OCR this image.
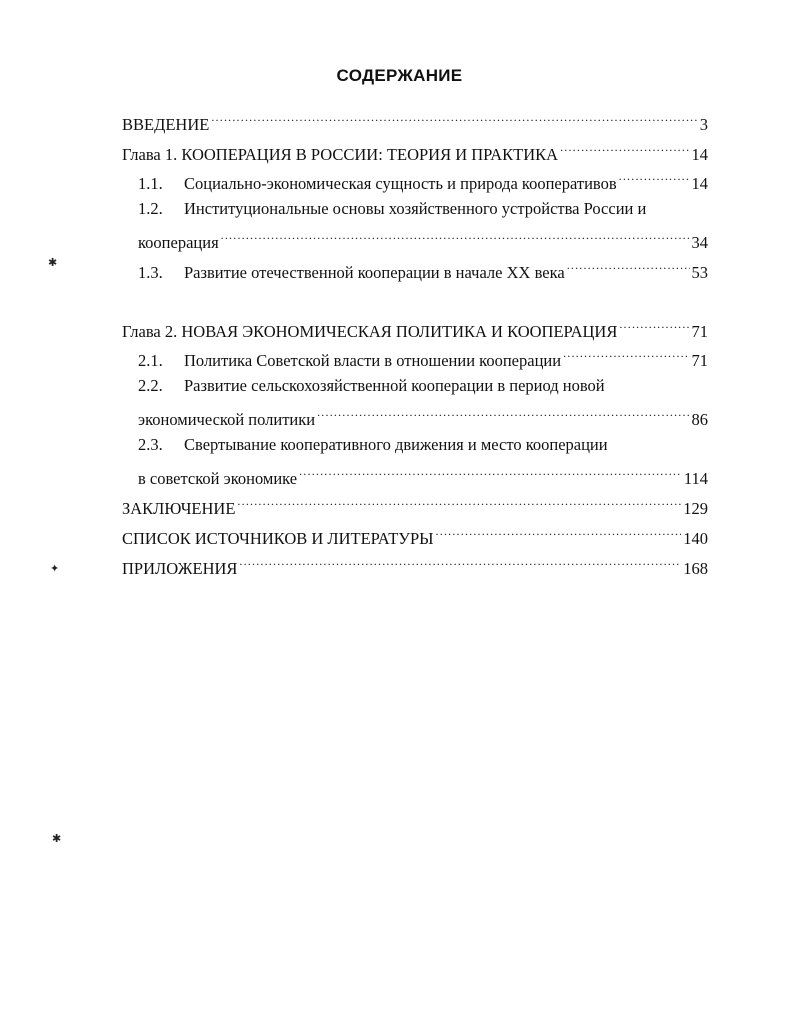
СОДЕРЖАНИЕ
ВВЕДЕНИЕ .....	3
Глава 1. КООПЕРАЦИЯ В РОССИИ: ТЕОРИЯ И ПРАКТИКА .....	14
1.1.	Социально-экономическая сущность и природа кооперативов .....	14
1.2. Институциональные основы хозяйственного устройства России и
кооперация .....	34
1.3.	Развитие отечественной кооперации в начале XX века .....	53
Глава 2. НОВАЯ ЭКОНОМИЧЕСКАЯ ПОЛИТИКА И КООПЕРАЦИЯ .....	71
2.1.	Политика Советской власти в отношении кооперации .....	71
2.2. Развитие сельскохозяйственной кооперации в период новой
экономической политики .....	86
2.3. Свертывание кооперативного движения и место кооперации
в советской экономике .....	114
ЗАКЛЮЧЕНИЕ .....	129
СПИСОК ИСТОЧНИКОВ И ЛИТЕРАТУРЫ .....	140
ПРИЛОЖЕНИЯ .....	168
✱
✦
✱
